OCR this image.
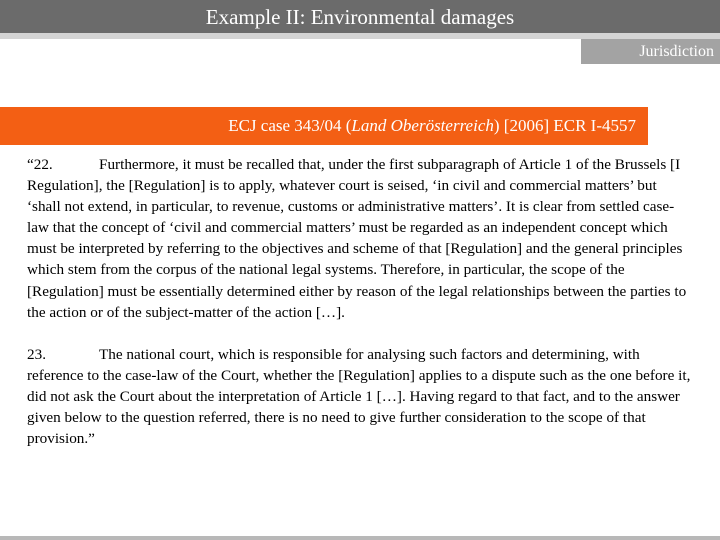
Example II: Environmental damages
Jurisdiction
ECJ case 343/04 (Land Oberösterreich) [2006] ECR I-4557

“22.	Furthermore, it must be recalled that, under the first subparagraph of Article 1 of the Brussels [I Regulation], the [Regulation] is to apply, whatever court is seised, ‘in civil and commercial matters’ but ‘shall not extend, in particular, to revenue, customs or administrative matters’. It is clear from settled case-law that the concept of ‘civil and commercial matters’ must be regarded as an independent concept which must be interpreted by referring to the objectives and scheme of that [Regulation] and the general principles which stem from the corpus of the national legal systems. Therefore, in particular, the scope of the [Regulation] must be essentially determined either by reason of the legal relationships between the parties to the action or of the subject-matter of the action […].

23.	The national court, which is responsible for analysing such factors and determining, with reference to the case-law of the Court, whether the [Regulation] applies to a dispute such as the one before it, did not ask the Court about the interpretation of Article 1 […]. Having regard to that fact, and to the answer given below to the question referred, there is no need to give further consideration to the scope of that provision.”
